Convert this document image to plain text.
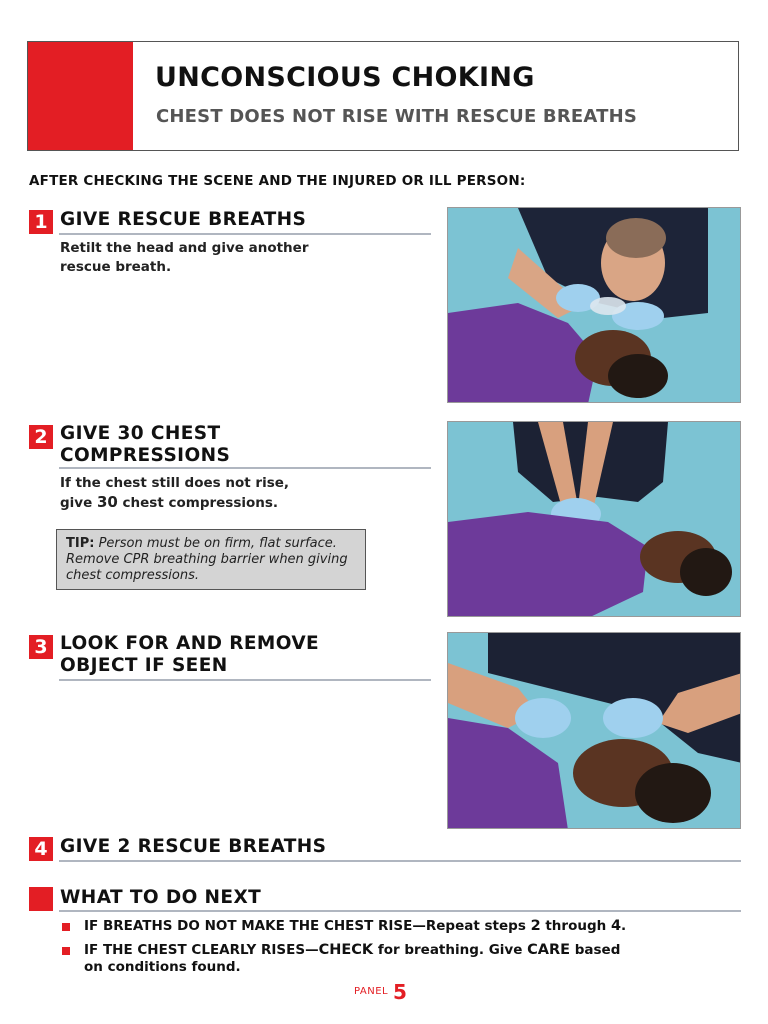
UNCONSCIOUS CHOKING
CHEST DOES NOT RISE WITH RESCUE BREATHS
AFTER CHECKING THE SCENE AND THE INJURED OR ILL PERSON:
1 GIVE RESCUE BREATHS
Retilt the head and give another
rescue breath.
2 GIVE 30 CHEST
COMPRESSIONS
If the chest still does not rise,
give 30 chest compressions.
TIP: Person must be on firm, flat surface. Remove CPR breathing barrier when giving chest compressions.
3 LOOK FOR AND REMOVE
OBJECT IF SEEN
4 GIVE 2 RESCUE BREATHS
WHAT TO DO NEXT
IF BREATHS DO NOT MAKE THE CHEST RISE—Repeat steps 2 through 4.
IF THE CHEST CLEARLY RISES—CHECK for breathing. Give CARE based
on conditions found.
PANEL 5
